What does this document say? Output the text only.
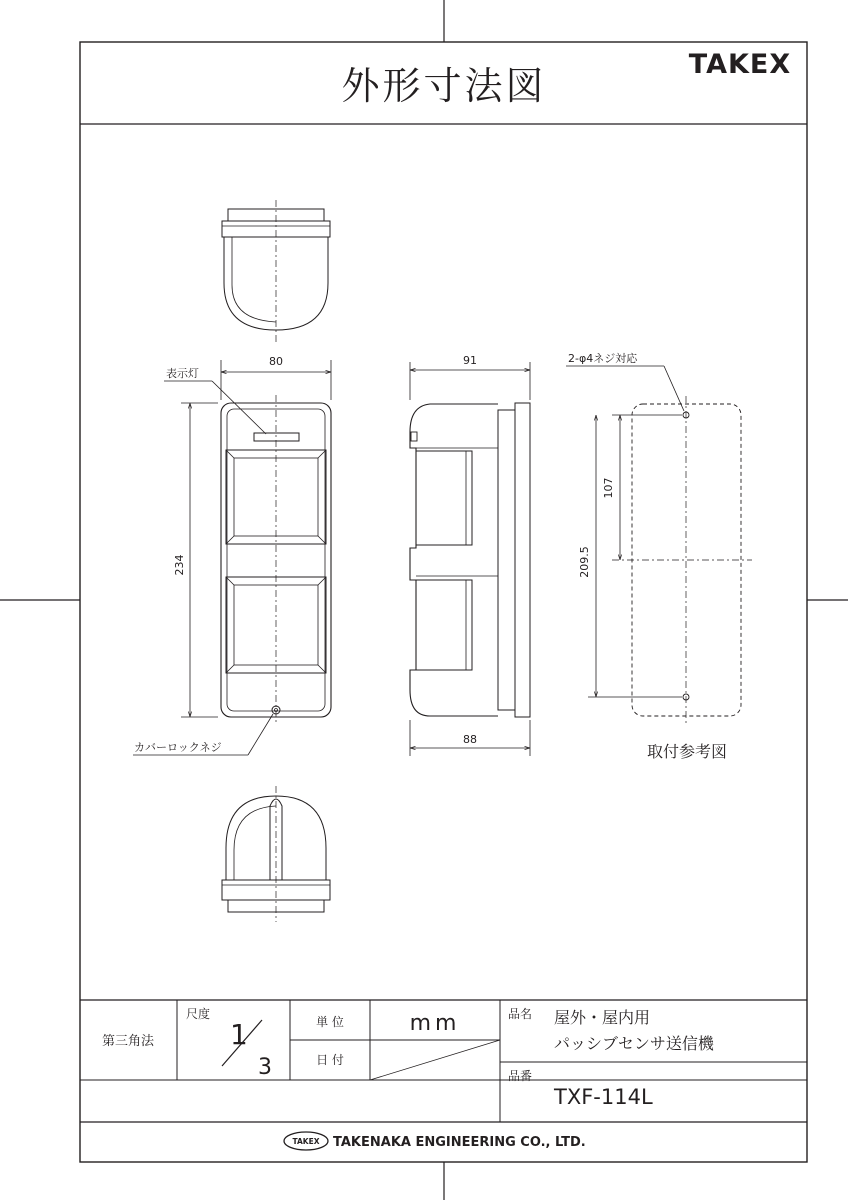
外形寸法図	TAKEX
80
234
表示灯
カバーロックネジ
91
88
2-φ4ネジ対応
107
209.5
取付参考図
第三角法
尺度
1
3
単 位	mm
日 付
品名 屋外・屋内用
パッシブセンサ送信機
品番
TXF-114L
TAKEX TAKENAKA ENGINEERING CO., LTD.
